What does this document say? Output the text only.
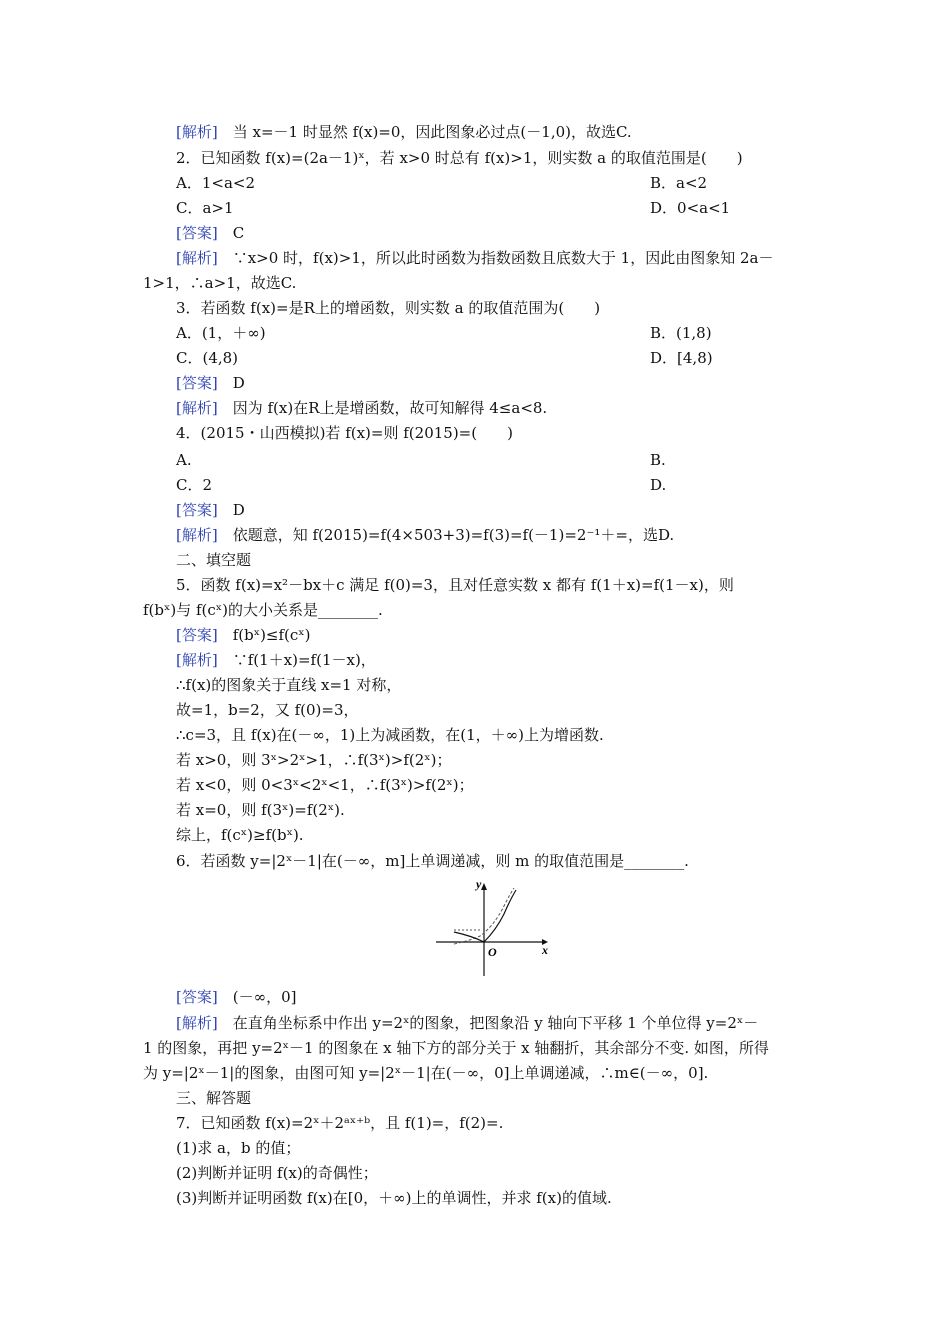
[解析]　当 x=－1 时显然 f(x)=0，因此图象必过点(－1,0)，故选C.
2．已知函数 f(x)=(2a－1)ˣ，若 x>0 时总有 f(x)>1，则实数 a 的取值范围是(　　)
A．1<a<2	B．a<2
C．a>1	D．0<a<1
[答案]　C
[解析]　∵x>0 时，f(x)>1，所以此时函数为指数函数且底数大于 1，因此由图象知 2a－
1>1，∴a>1，故选C.
3．若函数 f(x)=是R上的增函数，则实数 a 的取值范围为(　　)
A．(1，＋∞)	B．(1,8)
C．(4,8)	D．[4,8)
[答案]　D
[解析]　因为 f(x)在R上是增函数，故可知解得 4≤a<8.
4．(2015・山西模拟)若 f(x)=则 f(2015)=(　　)
A.	B.
C．2	D.
[答案]　D
[解析]　依题意，知 f(2015)=f(4×503+3)=f(3)=f(－1)=2⁻¹＋=，选D.
二、填空题
5．函数 f(x)=x²－bx＋c 满足 f(0)=3，且对任意实数 x 都有 f(1＋x)=f(1－x)，则
f(bˣ)与 f(cˣ)的大小关系是________.
[答案]　f(bˣ)≤f(cˣ)
[解析]　∵f(1＋x)=f(1－x)，
∴f(x)的图象关于直线 x=1 对称，
故=1，b=2，又 f(0)=3，
∴c=3，且 f(x)在(－∞，1)上为减函数，在(1，＋∞)上为增函数.
若 x>0，则 3ˣ>2ˣ>1，∴f(3ˣ)>f(2ˣ)；
若 x<0，则 0<3ˣ<2ˣ<1，∴f(3ˣ)>f(2ˣ)；
若 x=0，则 f(3ˣ)=f(2ˣ).
综上，f(cˣ)≥f(bˣ).
6．若函数 y=|2ˣ－1|在(－∞，m]上单调递减，则 m 的取值范围是________.
y
x
O
[答案]　(－∞，0]
[解析]　在直角坐标系中作出 y=2ˣ的图象，把图象沿 y 轴向下平移 1 个单位得 y=2ˣ－
1 的图象，再把 y=2ˣ－1 的图象在 x 轴下方的部分关于 x 轴翻折，其余部分不变. 如图，所得
为 y=|2ˣ－1|的图象，由图可知 y=|2ˣ－1|在(－∞，0]上单调递减，∴m∈(－∞，0].
三、解答题
7．已知函数 f(x)=2ˣ＋2ᵃˣ⁺ᵇ，且 f(1)=，f(2)=.
(1)求 a，b 的值；
(2)判断并证明 f(x)的奇偶性；
(3)判断并证明函数 f(x)在[0，＋∞)上的单调性，并求 f(x)的值域.
